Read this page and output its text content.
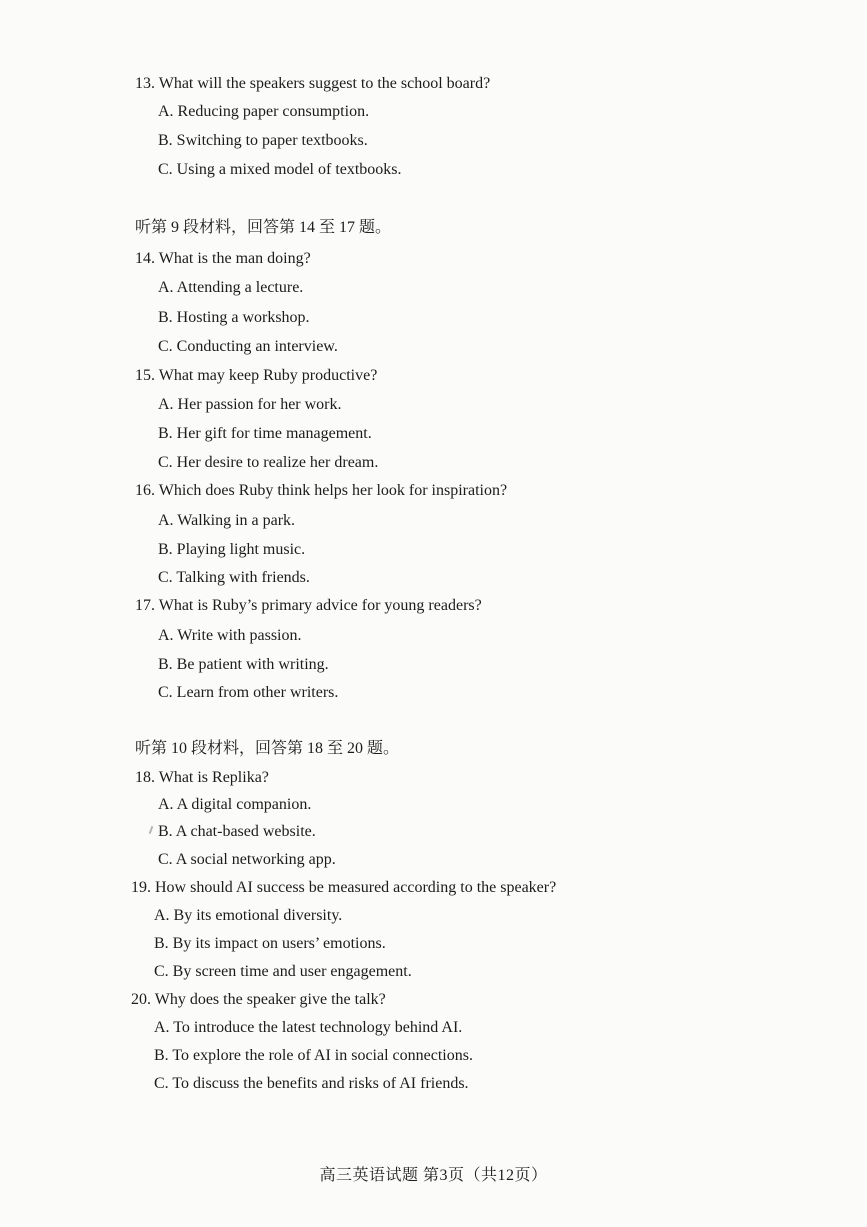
13. What will the speakers suggest to the school board?
A. Reducing paper consumption.
B. Switching to paper textbooks.
C. Using a mixed model of textbooks.
听第 9 段材料，回答第 14 至 17 题。
14. What is the man doing?
A. Attending a lecture.
B. Hosting a workshop.
C. Conducting an interview.
15. What may keep Ruby productive?
A. Her passion for her work.
B. Her gift for time management.
C. Her desire to realize her dream.
16. Which does Ruby think helps her look for inspiration?
A. Walking in a park.
B. Playing light music.
C. Talking with friends.
17. What is Ruby’s primary advice for young readers?
A. Write with passion.
B. Be patient with writing.
C. Learn from other writers.
听第 10 段材料，回答第 18 至 20 题。
18. What is Replika?
A. A digital companion.
B. A chat-based website.
C. A social networking app.
19. How should AI success be measured according to the speaker?
A. By its emotional diversity.
B. By its impact on users’ emotions.
C. By screen time and user engagement.
20. Why does the speaker give the talk?
A. To introduce the latest technology behind AI.
B. To explore the role of AI in social connections.
C. To discuss the benefits and risks of AI friends.
高三英语试题 第3页（共12页）
